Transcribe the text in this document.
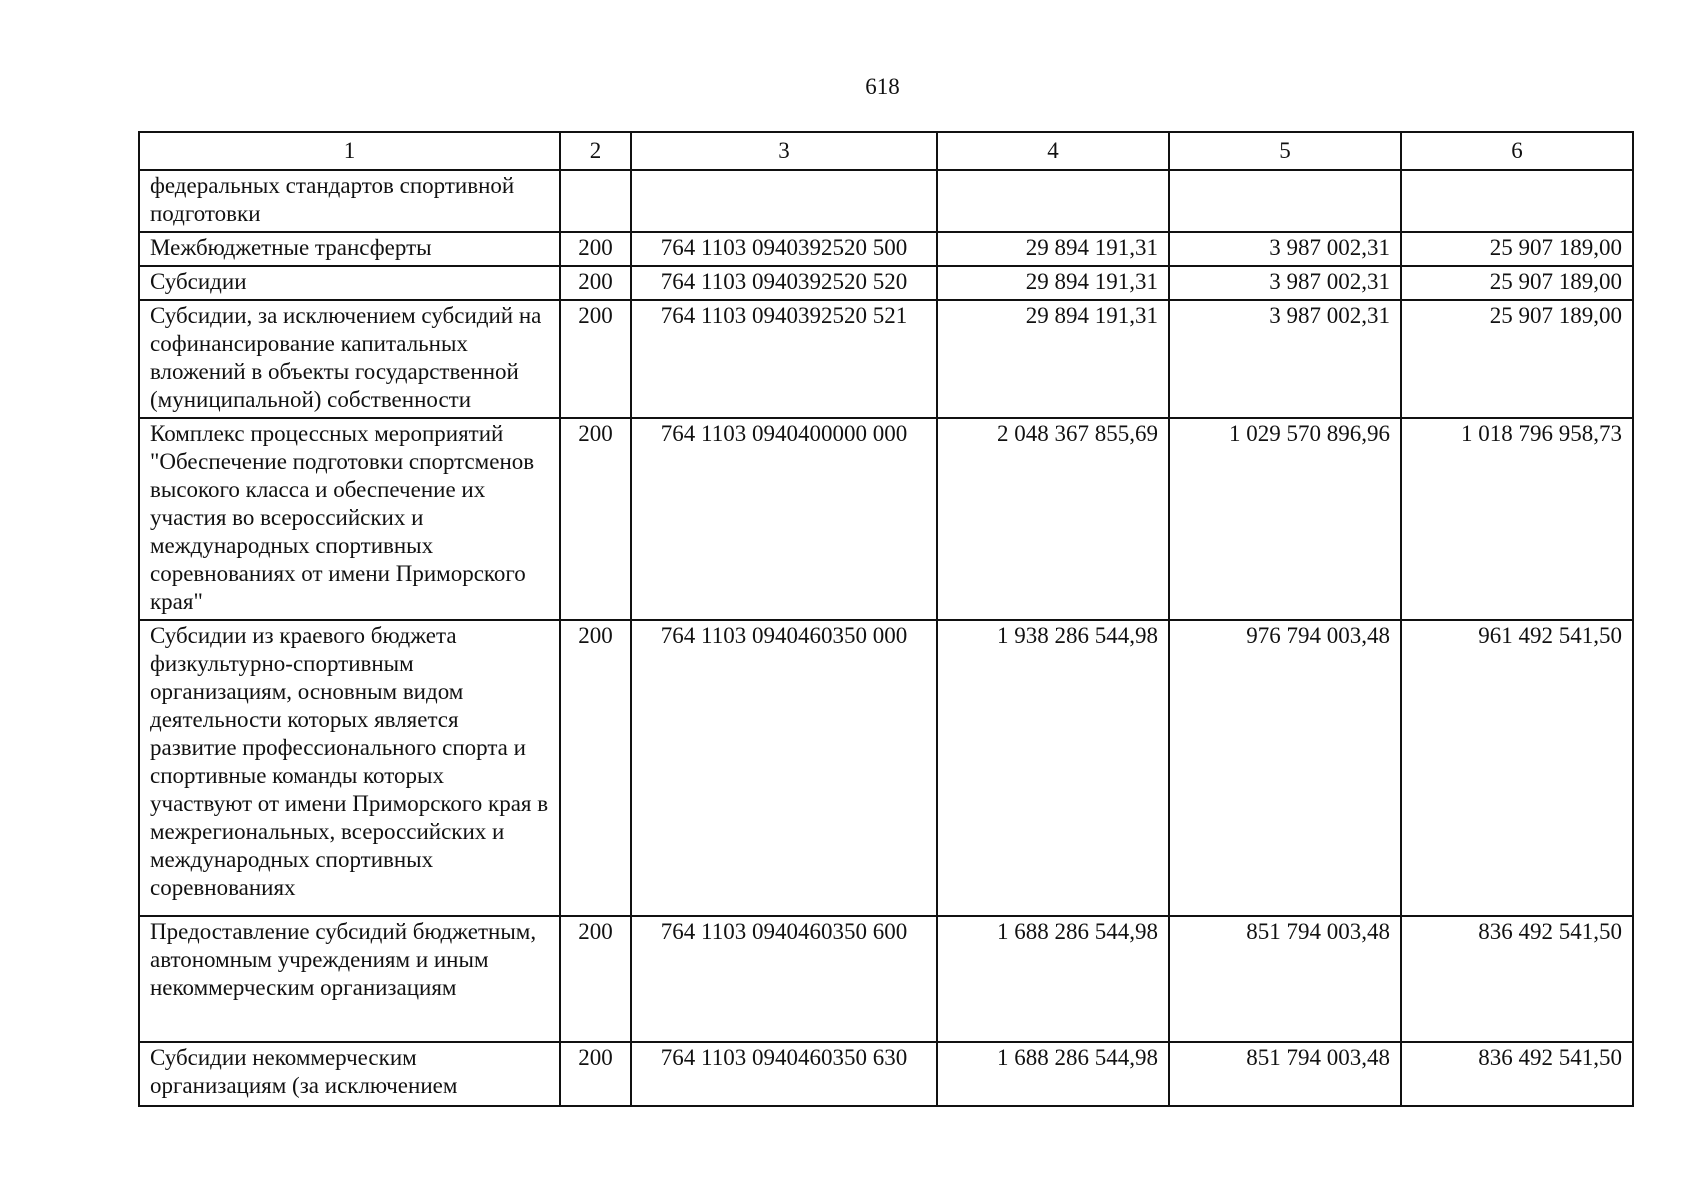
618
1	2	3	4	5	6
федеральных стандартов спортивной подготовки					
Межбюджетные трансферты	200	764 1103 0940392520 500	29 894 191,31	3 987 002,31	25 907 189,00
Субсидии	200	764 1103 0940392520 520	29 894 191,31	3 987 002,31	25 907 189,00
Субсидии, за исключением субсидий на софинансирование капитальных вложений в объекты государственной (муниципальной) собственности	200	764 1103 0940392520 521	29 894 191,31	3 987 002,31	25 907 189,00
Комплекс процессных мероприятий "Обеспечение подготовки спортсменов высокого класса и обеспечение их участия во всероссийских и международных спортивных соревнованиях от имени Приморского края"	200	764 1103 0940400000 000	2 048 367 855,69	1 029 570 896,96	1 018 796 958,73
Субсидии из краевого бюджета физкультурно-спортивным организациям, основным видом деятельности которых является развитие профессионального спорта и спортивные команды которых участвуют от имени Приморского края в межрегиональных, всероссийских и международных спортивных соревнованиях	200	764 1103 0940460350 000	1 938 286 544,98	976 794 003,48	961 492 541,50
Предоставление субсидий бюджетным, автономным учреждениям и иным некоммерческим организациям	200	764 1103 0940460350 600	1 688 286 544,98	851 794 003,48	836 492 541,50
Субсидии некоммерческим организациям (за исключением	200	764 1103 0940460350 630	1 688 286 544,98	851 794 003,48	836 492 541,50
